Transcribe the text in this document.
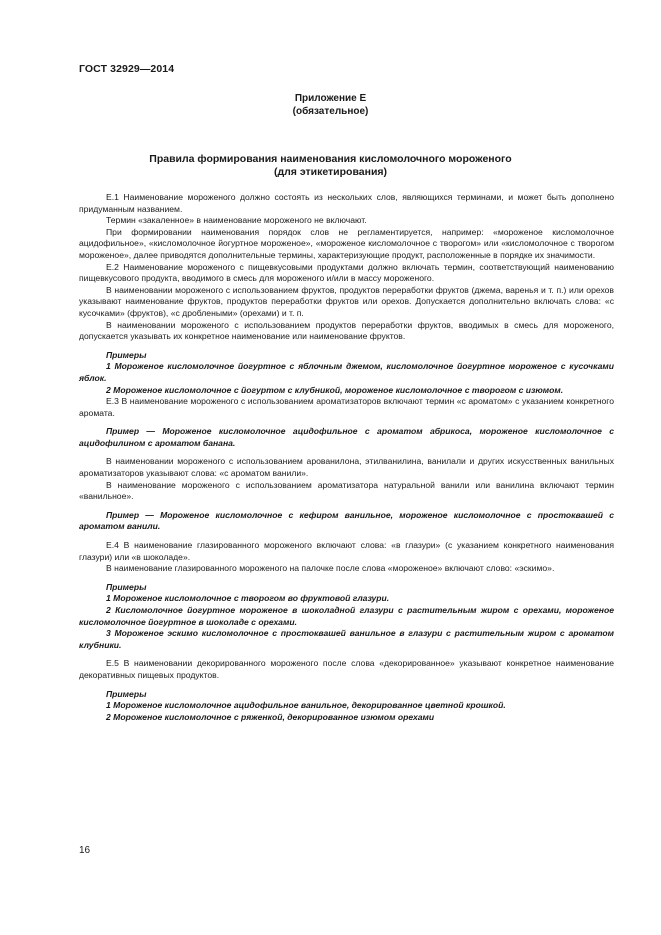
ГОСТ 32929—2014
Приложение Е
(обязательное)
Правила формирования наименования кисломолочного мороженого
(для этикетирования)

Е.1 Наименование мороженого должно состоять из нескольких слов, являющихся терминами, и может быть дополнено придуманным названием.

Термин «закаленное» в наименование мороженого не включают.

При формировании наименования порядок слов не регламентируется, например: «мороженое кисломолочное ацидофильное», «кисломолочное йогуртное мороженое», «мороженое кисломолочное с творогом» или «кисломолочное с творогом мороженое», далее приводятся дополнительные термины, характеризующие продукт, расположенные в порядке их значимости.

Е.2 Наименование мороженого с пищевкусовыми продуктами должно включать термин, соответствующий наименованию пищевкусового продукта, вводимого в смесь для мороженого и/или в массу мороженого.

В наименовании мороженого с использованием фруктов, продуктов переработки фруктов (джема, варенья и т. п.) или орехов указывают наименование фруктов, продуктов переработки фруктов или орехов. Допускается дополнительно включать слова: «с кусочками» (фруктов), «с дроблеными» (орехами) и т. п.

В наименовании мороженого с использованием продуктов переработки фруктов, вводимых в смесь для мороженого, допускается указывать их конкретное наименование или наименование фруктов.

Примеры

1 Мороженое кисломолочное йогуртное с яблочным джемом, кисломолочное йогуртное мороженое с кусочками яблок.

2 Мороженое кисломолочное с йогуртом с клубникой, мороженое кисломолочное с творогом с изюмом.

Е.3 В наименование мороженого с использованием ароматизаторов включают термин «с ароматом» с указанием конкретного аромата.

Пример — Мороженое кисломолочное ацидофильное с ароматом абрикоса, мороженое кисломолочное с ацидофилином с ароматом банана.

В наименовании мороженого с использованием арованилона, этилванилина, ванилали и других искусственных ванильных ароматизаторов указывают слова: «с ароматом ванили».

В наименование мороженого с использованием ароматизатора натуральной ванили или ванилина включают термин «ванильное».

Пример — Мороженое кисломолочное с кефиром ванильное, мороженое кисломолочное с простоквашей с ароматом ванили.

Е.4 В наименование глазированного мороженого включают слова: «в глазури» (с указанием конкретного наименования глазури) или «в шоколаде».

В наименование глазированного мороженого на палочке после слова «мороженое» включают слово: «эскимо».

Примеры

1 Мороженое кисломолочное с творогом во фруктовой глазури.

2 Кисломолочное йогуртное мороженое в шоколадной глазури с растительным жиром с орехами, мороженое кисломолочное йогуртное в шоколаде с орехами.

3 Мороженое эскимо кисломолочное с простоквашей ванильное в глазури с растительным жиром с ароматом клубники.

Е.5 В наименовании декорированного мороженого после слова «декорированное» указывают конкретное наименование декоративных пищевых продуктов.

Примеры

1 Мороженое кисломолочное ацидофильное ванильное, декорированное цветной крошкой.

2 Мороженое кисломолочное с ряженкой, декорированное изюмом орехами

16
